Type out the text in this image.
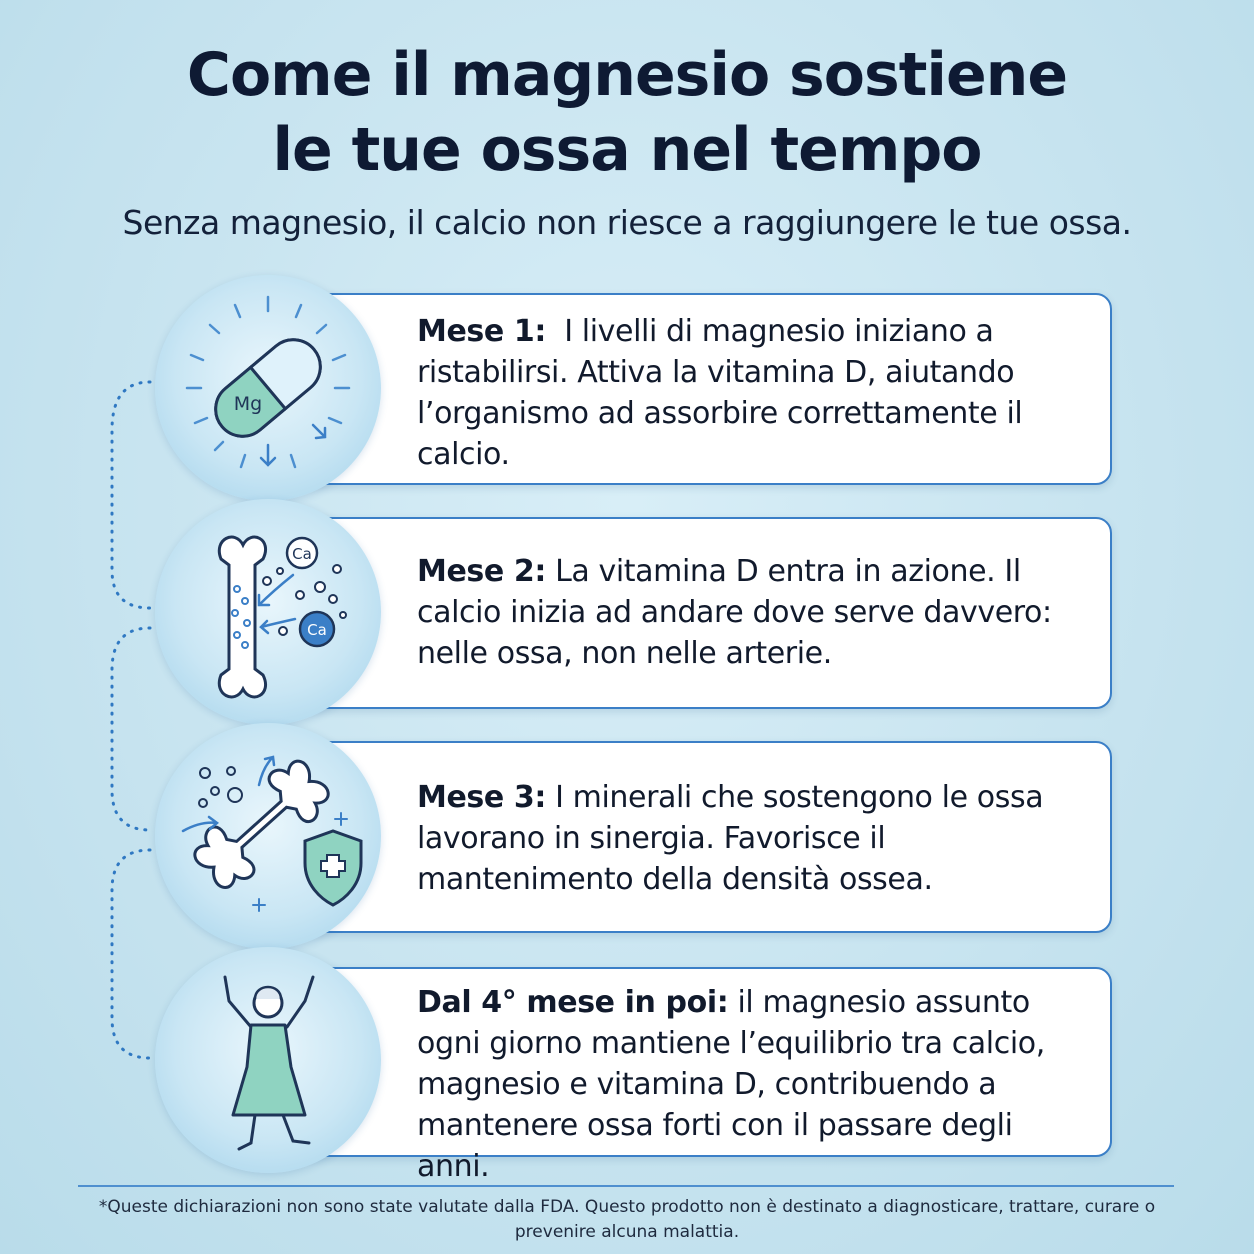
Come il magnesio sostiene
le tue ossa nel tempo
Senza magnesio, il calcio non riesce a raggiungere le tue ossa.
Mese 1: I livelli di magnesio iniziano a ristabilirsi. Attiva la vitamina D, aiutando l’organismo ad assorbire correttamente il calcio.
Mg
Mese 2: La vitamina D entra in azione. Il calcio inizia ad andare dove serve davvero: nelle ossa, non nelle arterie.
Ca
Ca
Mese 3: I minerali che sostengono le ossa lavorano in sinergia. Favorisce il mantenimento della densità ossea.
Dal 4° mese in poi: il magnesio assunto ogni giorno mantiene l’equilibrio tra calcio, magnesio e vitamina D, contribuendo a mantenere ossa forti con il passare degli anni.
*Queste dichiarazioni non sono state valutate dalla FDA. Questo prodotto non è destinato a diagnosticare, trattare, curare o prevenire alcuna malattia.
